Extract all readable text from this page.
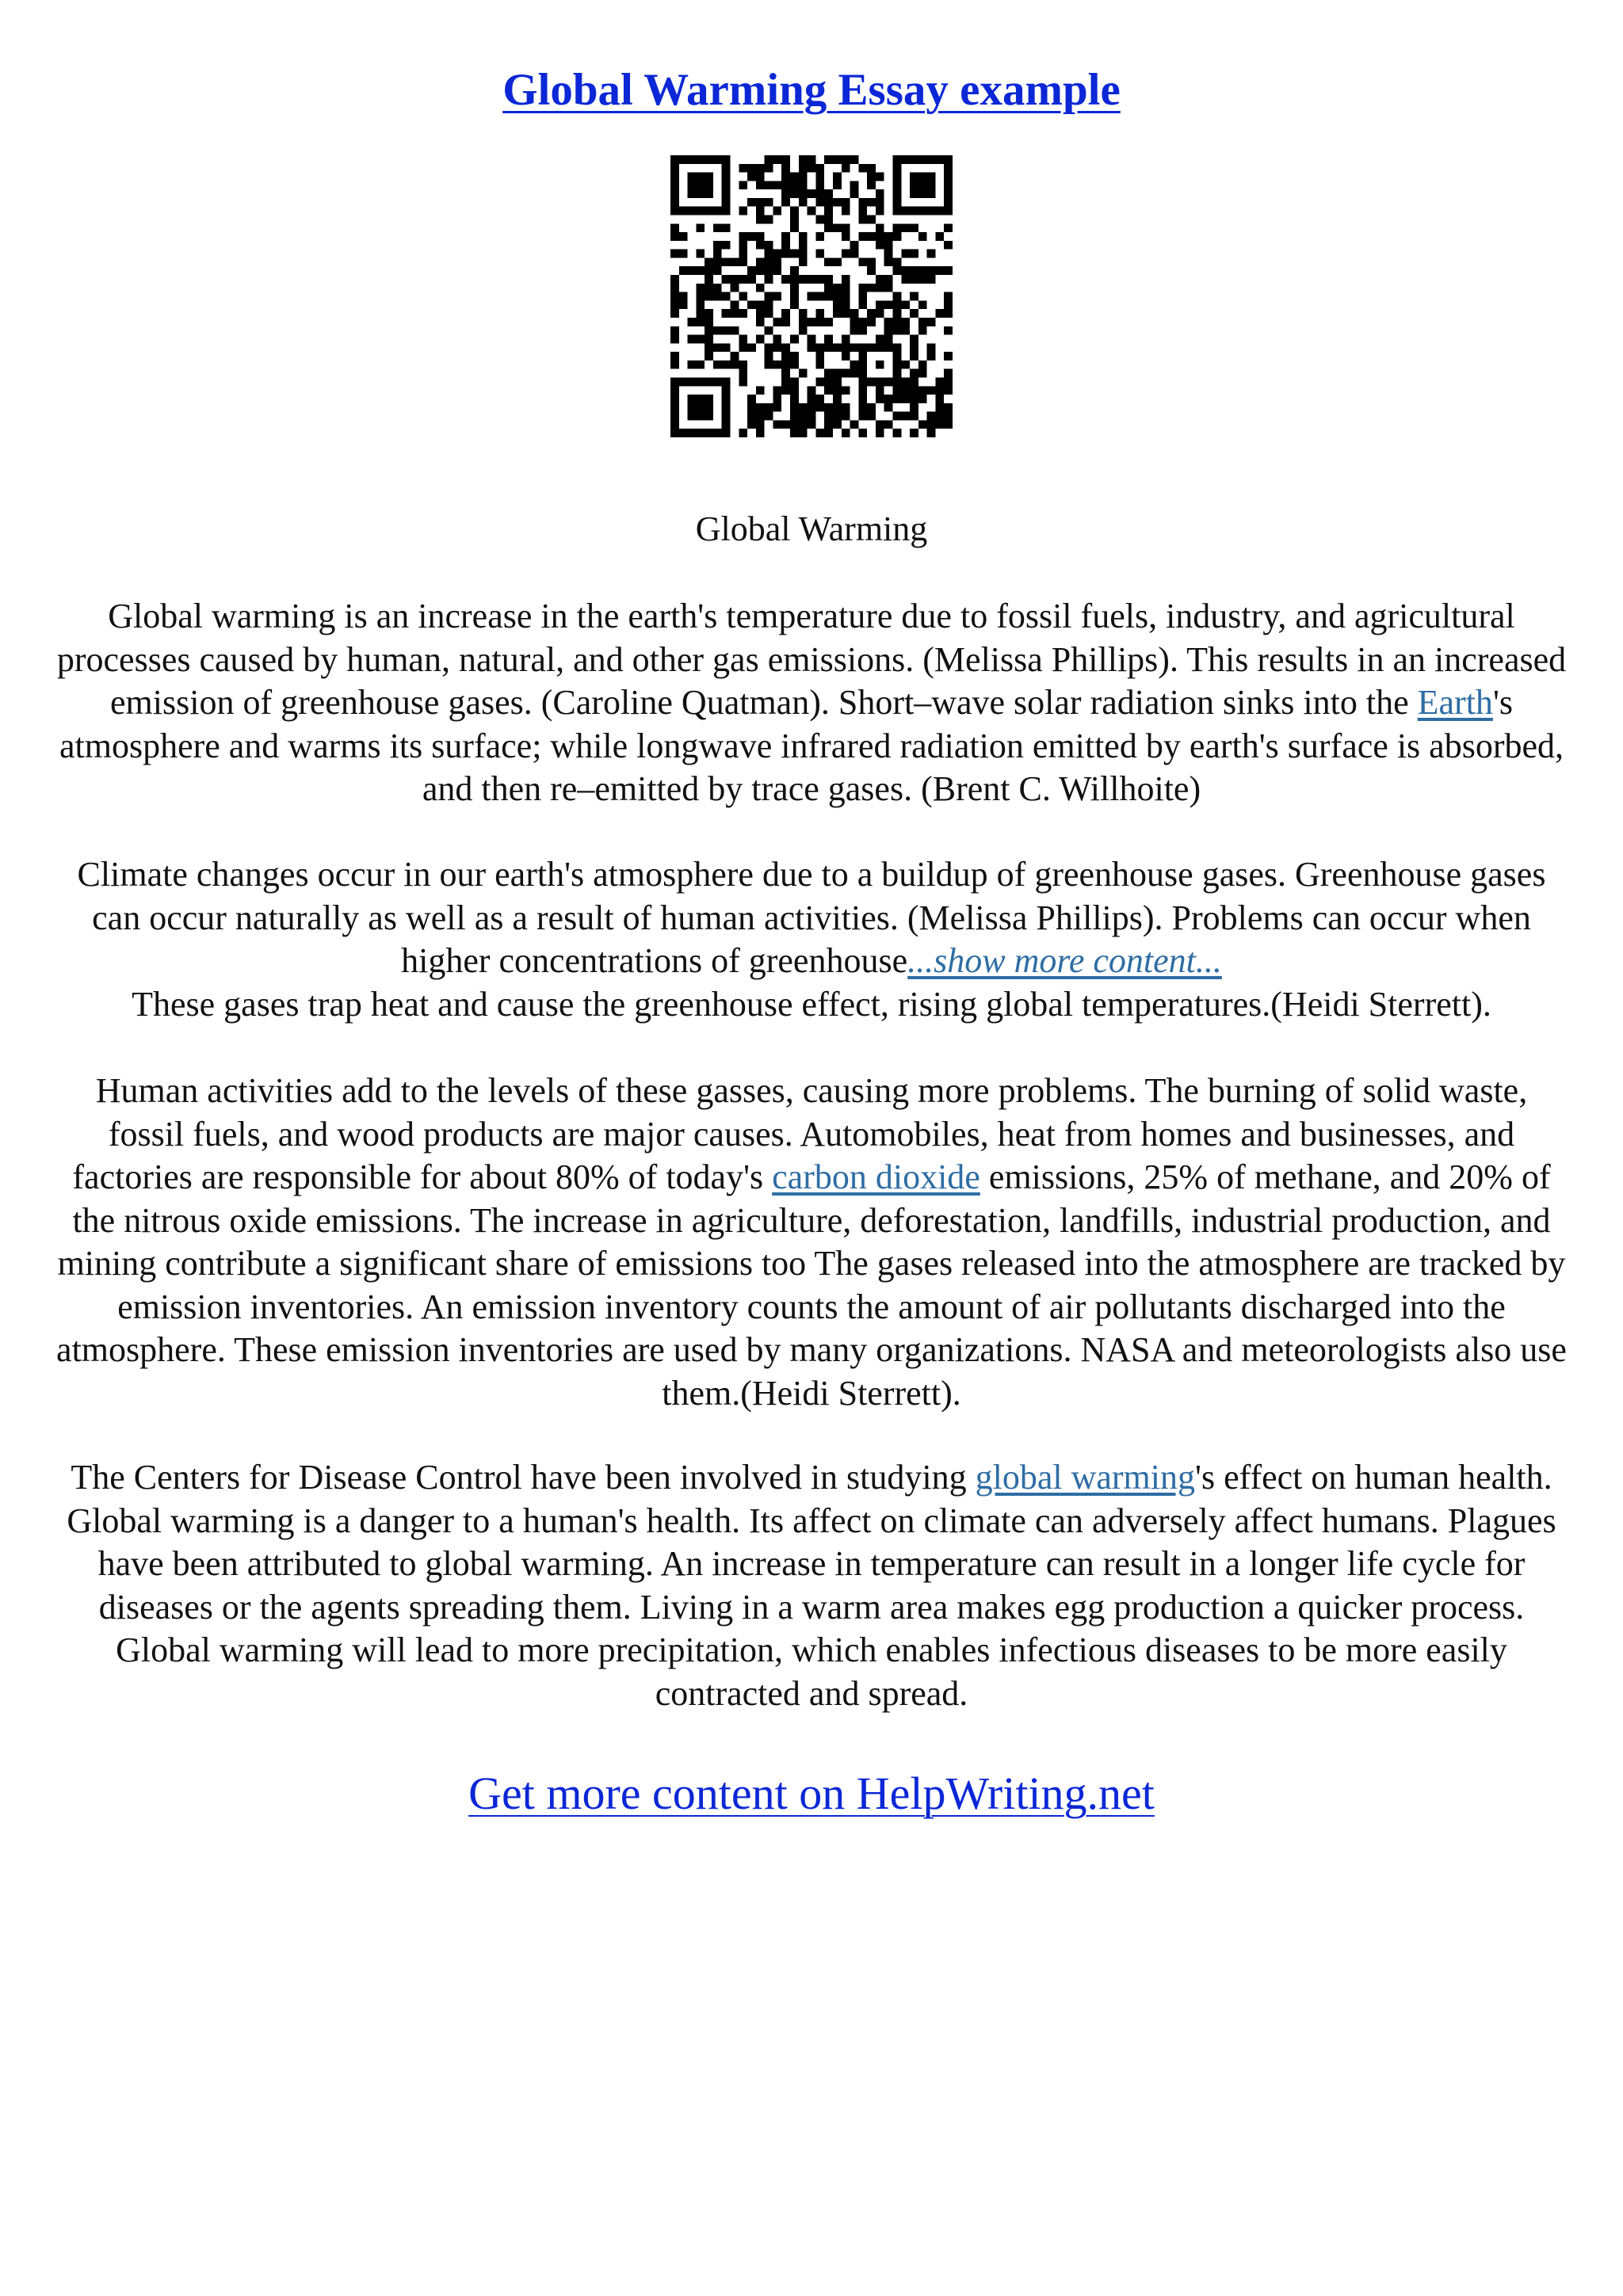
Global Warming Essay example
Global Warming
Global warming is an increase in the earth's temperature due to fossil fuels, industry, and agricultural processes caused by human, natural, and other gas emissions. (Melissa Phillips). This results in an increased emission of greenhouse gases. (Caroline Quatman). Short–wave solar radiation sinks into the Earth's atmosphere and warms its surface; while longwave infrared radiation emitted by earth's surface is absorbed, and then re–emitted by trace gases. (Brent C. Willhoite)
Climate changes occur in our earth's atmosphere due to a buildup of greenhouse gases. Greenhouse gases can occur naturally as well as a result of human activities. (Melissa Phillips). Problems can occur when higher concentrations of greenhouse...show more content...
These gases trap heat and cause the greenhouse effect, rising global temperatures.(Heidi Sterrett).
Human activities add to the levels of these gasses, causing more problems. The burning of solid waste, fossil fuels, and wood products are major causes. Automobiles, heat from homes and businesses, and factories are responsible for about 80% of today's carbon dioxide emissions, 25% of methane, and 20% of the nitrous oxide emissions. The increase in agriculture, deforestation, landfills, industrial production, and mining contribute a significant share of emissions too The gases released into the atmosphere are tracked by emission inventories. An emission inventory counts the amount of air pollutants discharged into the atmosphere. These emission inventories are used by many organizations. NASA and meteorologists also use them.(Heidi Sterrett).
The Centers for Disease Control have been involved in studying global warming's effect on human health. Global warming is a danger to a human's health. Its affect on climate can adversely affect humans. Plagues have been attributed to global warming. An increase in temperature can result in a longer life cycle for diseases or the agents spreading them. Living in a warm area makes egg production a quicker process. Global warming will lead to more precipitation, which enables infectious diseases to be more easily contracted and spread.
Get more content on HelpWriting.net
